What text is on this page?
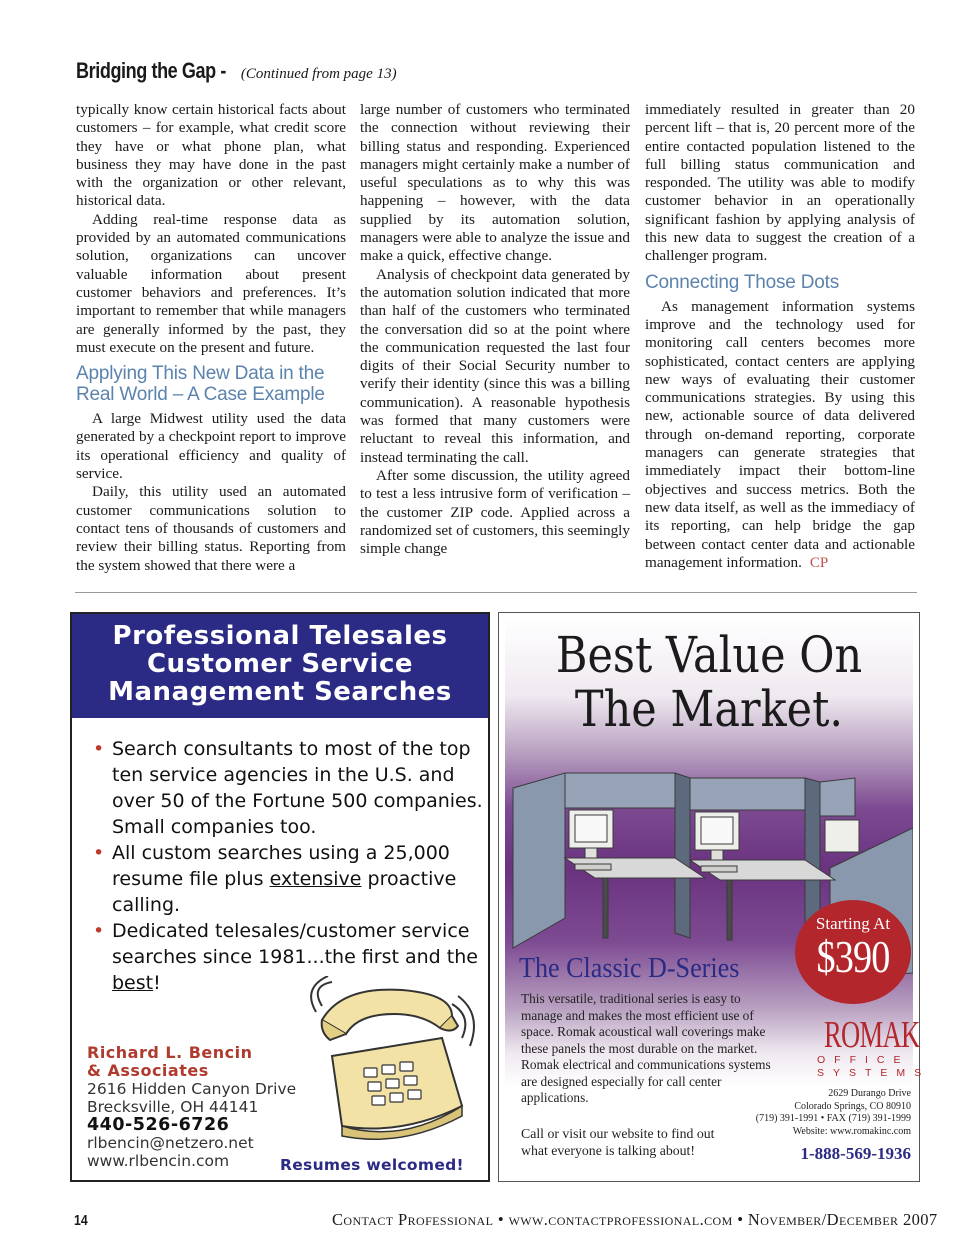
Bridging the Gap - (Continued from page 13)

typically know certain historical facts about customers – for example, what credit score they have or what phone plan, what business they may have done in the past with the organization or other relevant, historical data.

Adding real-time response data as provided by an automated communications solution, organizations can uncover valuable information about present customer behaviors and preferences. It’s important to remember that while managers are generally informed by the past, they must execute on the present and future.

Applying This New Data in the Real World – A Case Example

A large Midwest utility used the data generated by a checkpoint report to improve its operational efficiency and quality of service.

Daily, this utility used an automated customer communications solution to contact tens of thousands of customers and review their billing status. Reporting from the system showed that there were a

large number of customers who terminated the connection without reviewing their billing status and responding. Experienced managers might certainly make a number of useful speculations as to why this was happening – however, with the data supplied by its automation solution, managers were able to analyze the issue and make a quick, effective change.

Analysis of checkpoint data generated by the automation solution indicated that more than half of the customers who terminated the conversation did so at the point where the communication requested the last four digits of their Social Security number to verify their identity (since this was a billing communication). A reasonable hypothesis was formed that many customers were reluctant to reveal this information, and instead terminating the call.

After some discussion, the utility agreed to test a less intrusive form of verification – the customer ZIP code. Applied across a randomized set of customers, this seemingly simple change

immediately resulted in greater than 20 percent lift – that is, 20 percent more of the entire contacted population listened to the full billing status communication and responded. The utility was able to modify customer behavior in an operationally significant fashion by applying analysis of this new data to suggest the creation of a challenger program.

Connecting Those Dots

As management information systems improve and the technology used for monitoring call centers becomes more sophisticated, contact centers are applying new ways of evaluating their customer communications strategies. By using this new, actionable source of data delivered through on-demand reporting, corporate managers can generate strategies that immediately impact their bottom-line objectives and success metrics. Both the new data itself, as well as the immediacy of its reporting, can help bridge the gap between contact center data and actionable management information. CP

Professional Telesales
Customer Service
Management Searches
• Search consultants to most of the top ten service agencies in the U.S. and over 50 of the Fortune 500 companies. Small companies too.
• All custom searches using a 25,000 resume file plus extensive proactive calling.
• Dedicated telesales/customer service searches since 1981...the first and the best!
Richard L. Bencin
& Associates
2616 Hidden Canyon Drive
Brecksville, OH 44141
440-526-6726
rlbencin@netzero.net
www.rlbencin.com	Resumes welcomed!
Best Value On
The Market.
The Classic D-Series
This versatile, traditional series is easy to manage and makes the most efficient use of space. Romak acoustical wall coverings make these panels the most durable on the market. Romak electrical and communications systems are designed especially for call center applications.
Call or visit our website to find out what everyone is talking about!
Starting At
$390
ROMAK
OFFICE SYSTEMS
2629 Durango Drive
Colorado Springs, CO 80910
(719) 391-1991 • FAX (719) 391-1999
Website: www.romakinc.com
1-888-569-1936
14	Contact Professional • www.contactprofessional.com • November/December 2007
